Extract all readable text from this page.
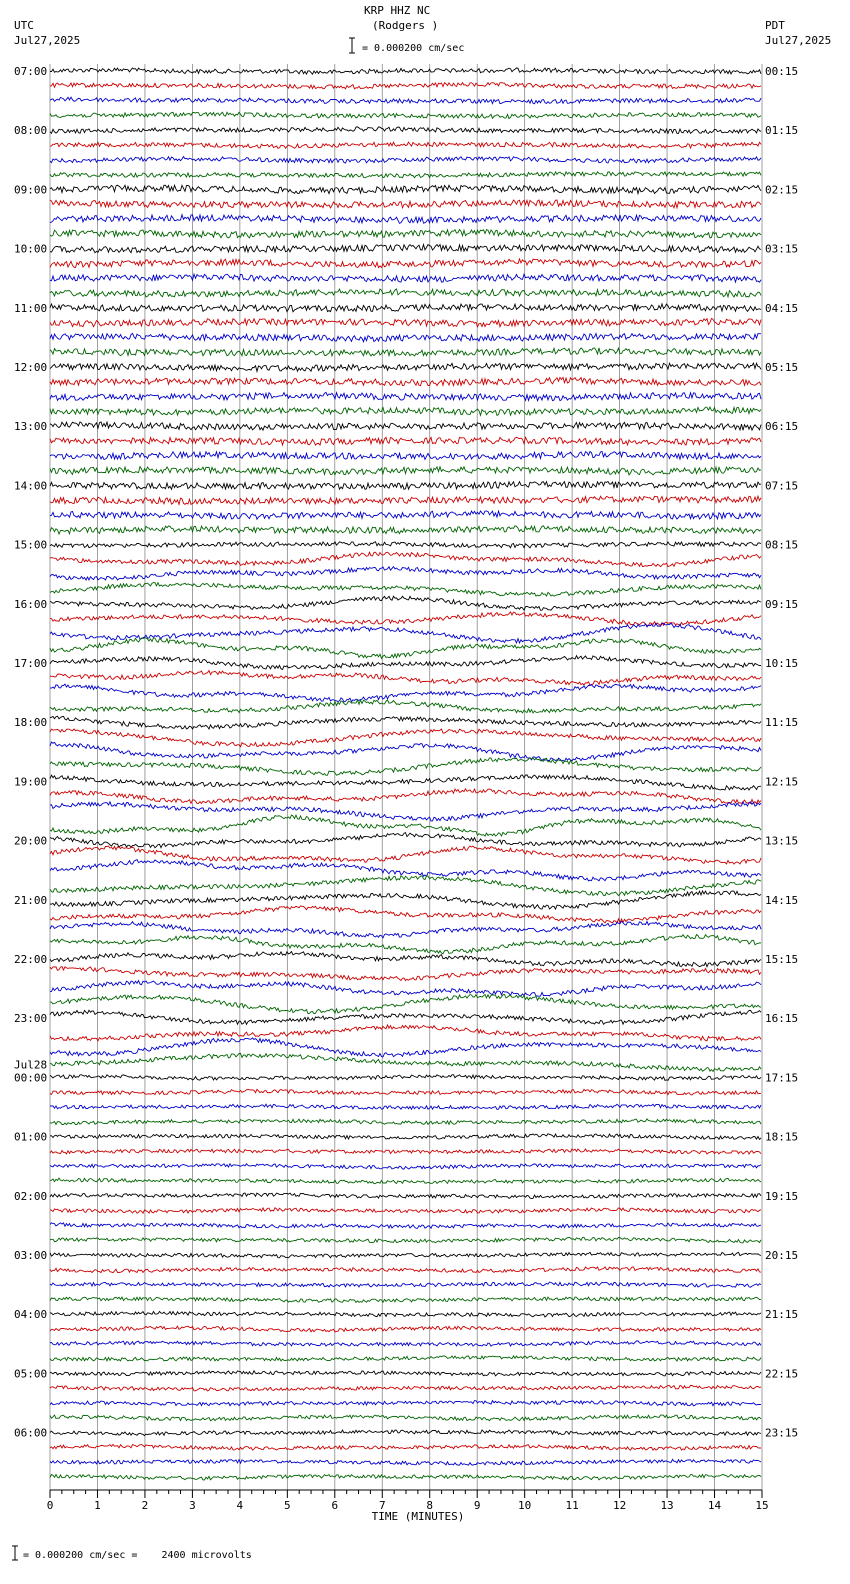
KRP HHZ NC
(Rodgers )
= 0.000200 cm/sec
UTC
Jul27,2025
PDT
Jul27,2025
07:00
08:00
09:00
10:00
11:00
12:00
13:00
14:00
15:00
16:00
17:00
18:00
19:00
20:00
21:00
22:00
23:00
Jul28
00:00
01:00
02:00
03:00
04:00
05:00
06:00
00:15
01:15
02:15
03:15
04:15
05:15
06:15
07:15
08:15
09:15
10:15
11:15
12:15
13:15
14:15
15:15
16:15
17:15
18:15
19:15
20:15
21:15
22:15
23:15
0	1	2	3	4	5	6	7	8	9	10	11	12	13	14	15
TIME (MINUTES)
= 0.000200 cm/sec =    2400 microvolts
